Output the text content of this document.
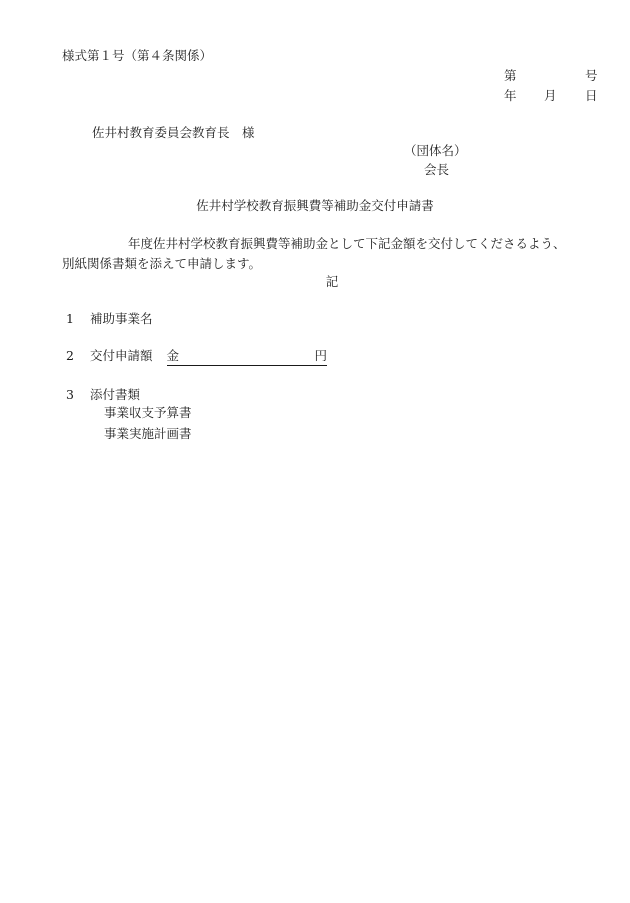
様式第１号（第４条関係）
第	号
年 月 日
佐井村教育委員会教育長　様
（団体名）
会長
佐井村学校教育振興費等補助金交付申請書
年度佐井村学校教育振興費等補助金として下記金額を交付してくださるよう、
別紙関係書類を添えて申請します。
記
1 補助事業名
2 交付申請額 金	円
3 添付書類
事業収支予算書
事業実施計画書
